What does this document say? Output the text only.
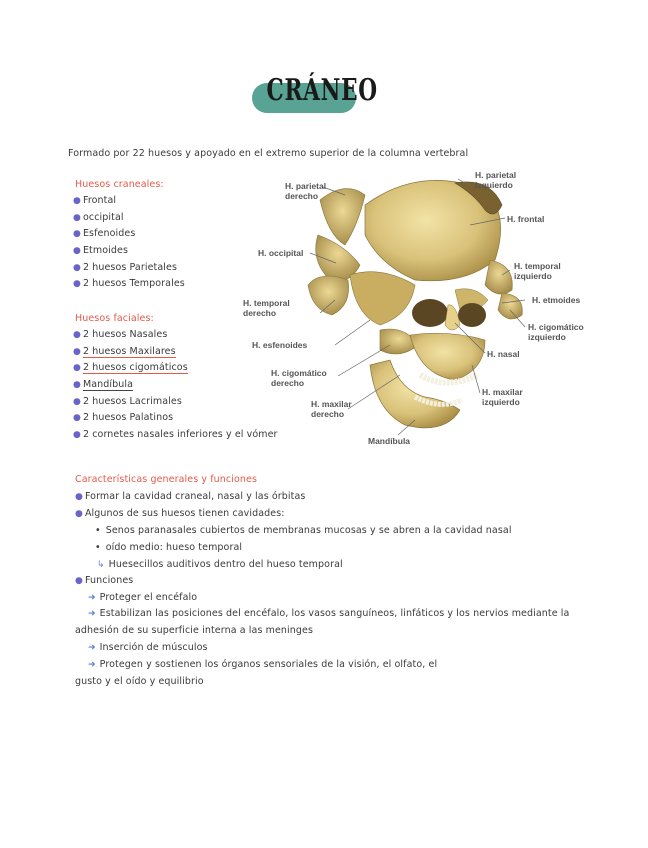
CRÁNEO
Formado por 22 huesos y apoyado en el extremo superior de la columna vertebral
Huesos craneales:
● Frontal
● occipital
● Esfenoides
● Etmoides
● 2 huesos Parietales
● 2 huesos Temporales
Huesos faciales:
● 2 huesos Nasales
● 2 huesos Maxilares
● 2 huesos cigomáticos
● Mandíbula
● 2 huesos Lacrimales
● 2 huesos Palatinos
● 2 cornetes nasales inferiores y el vómer
H. parietal
derecho
H. parietal
izquierdo
H. frontal
H. occipital
H. temporal
izquierdo
H. etmoides
H. temporal
derecho
H. cigomático
izquierdo
H. esfenoides
H. nasal
H. cigomático
derecho
H. maxilar
izquierdo
H. maxilar
derecho
Mandíbula
Características generales y funciones
● Formar la cavidad craneal, nasal y las órbitas
● Algunos de sus huesos tienen cavidades:
• Senos paranasales cubiertos de membranas mucosas y se abren a la cavidad nasal
• oído medio: hueso temporal
↳ Huesecillos auditivos dentro del hueso temporal
● Funciones
➜ Proteger el encéfalo
➜ Estabilizan las posiciones del encéfalo, los vasos sanguíneos, linfáticos y los nervios mediante la
adhesión de su superficie interna a las meninges
➜ Inserción de músculos
➜ Protegen y sostienen los órganos sensoriales de la visión, el olfato, el
gusto y el oído y equilibrio
